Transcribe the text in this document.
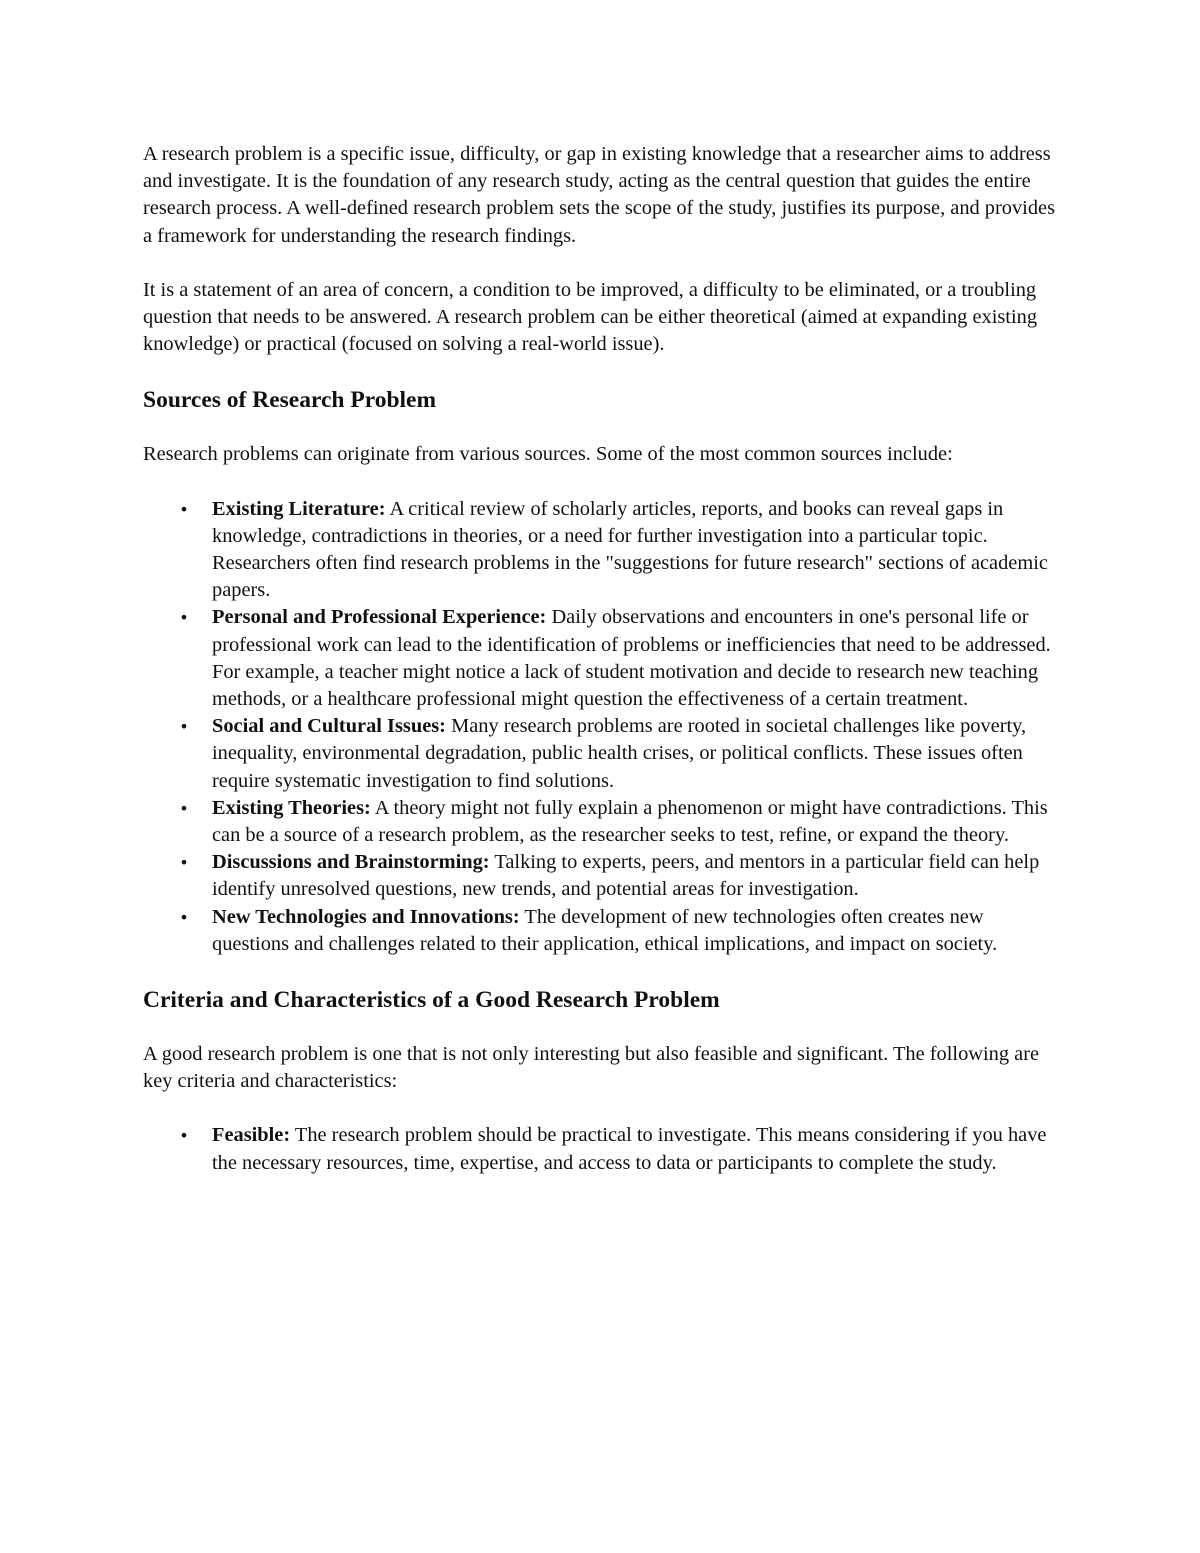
A research problem is a specific issue, difficulty, or gap in existing knowledge that a researcher aims to address and investigate. It is the foundation of any research study, acting as the central question that guides the entire research process. A well-defined research problem sets the scope of the study, justifies its purpose, and provides a framework for understanding the research findings.

It is a statement of an area of concern, a condition to be improved, a difficulty to be eliminated, or a troubling question that needs to be answered. A research problem can be either theoretical (aimed at expanding existing knowledge) or practical (focused on solving a real-world issue).

Sources of Research Problem

Research problems can originate from various sources. Some of the most common sources include:

• Existing Literature: A critical review of scholarly articles, reports, and books can reveal gaps in knowledge, contradictions in theories, or a need for further investigation into a particular topic. Researchers often find research problems in the "suggestions for future research" sections of academic papers.
• Personal and Professional Experience: Daily observations and encounters in one's personal life or professional work can lead to the identification of problems or inefficiencies that need to be addressed. For example, a teacher might notice a lack of student motivation and decide to research new teaching methods, or a healthcare professional might question the effectiveness of a certain treatment.
• Social and Cultural Issues: Many research problems are rooted in societal challenges like poverty, inequality, environmental degradation, public health crises, or political conflicts. These issues often require systematic investigation to find solutions.
• Existing Theories: A theory might not fully explain a phenomenon or might have contradictions. This can be a source of a research problem, as the researcher seeks to test, refine, or expand the theory.
• Discussions and Brainstorming: Talking to experts, peers, and mentors in a particular field can help identify unresolved questions, new trends, and potential areas for investigation.
• New Technologies and Innovations: The development of new technologies often creates new questions and challenges related to their application, ethical implications, and impact on society.
Criteria and Characteristics of a Good Research Problem

A good research problem is one that is not only interesting but also feasible and significant. The following are key criteria and characteristics:

• Feasible: The research problem should be practical to investigate. This means considering if you have the necessary resources, time, expertise, and access to data or participants to complete the study.
